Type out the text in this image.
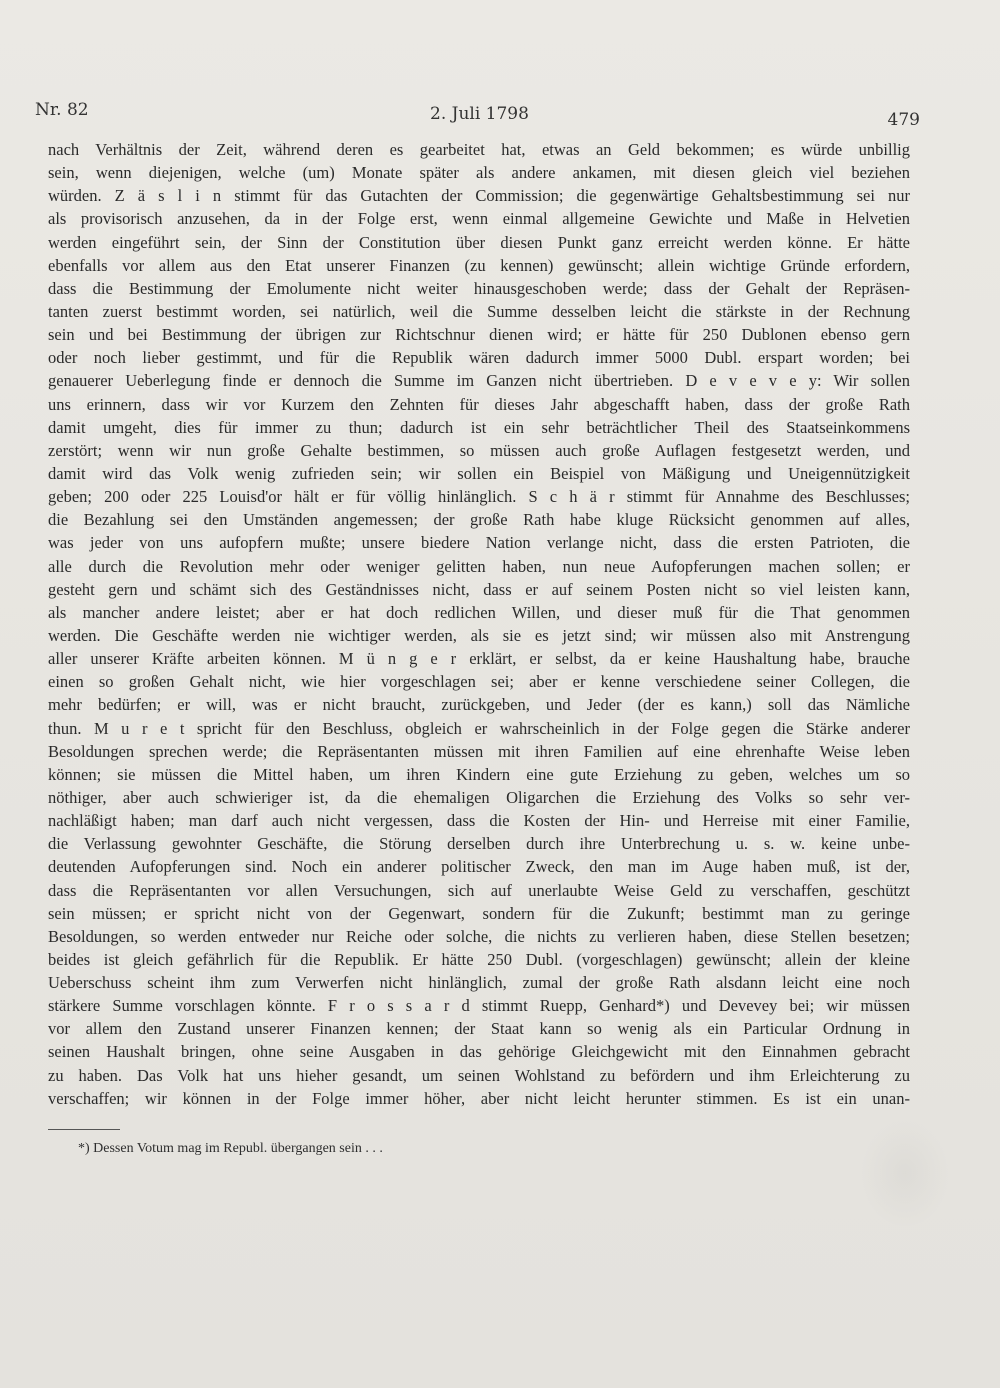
Nr. 82	2. Juli 1798	479
nach Verhältnis der Zeit, während deren es gearbeitet hat, etwas an Geld bekommen; es würde unbillig
sein, wenn diejenigen, welche (um) Monate später als andere ankamen, mit diesen gleich viel beziehen
würden. Z ä s l i n stimmt für das Gutachten der Commission; die gegenwärtige Gehaltsbestimmung sei nur
als provisorisch anzusehen, da in der Folge erst, wenn einmal allgemeine Gewichte und Maße in Helvetien
werden eingeführt sein, der Sinn der Constitution über diesen Punkt ganz erreicht werden könne. Er hätte
ebenfalls vor allem aus den Etat unserer Finanzen (zu kennen) gewünscht; allein wichtige Gründe erfordern,
dass die Bestimmung der Emolumente nicht weiter hinausgeschoben werde; dass der Gehalt der Repräsen-
tanten zuerst bestimmt worden, sei natürlich, weil die Summe desselben leicht die stärkste in der Rechnung
sein und bei Bestimmung der übrigen zur Richtschnur dienen wird; er hätte für 250 Dublonen ebenso gern
oder noch lieber gestimmt, und für die Republik wären dadurch immer 5000 Dubl. erspart worden; bei
genauerer Ueberlegung finde er dennoch die Summe im Ganzen nicht übertrieben. D e v e v e y: Wir sollen
uns erinnern, dass wir vor Kurzem den Zehnten für dieses Jahr abgeschafft haben, dass der große Rath
damit umgeht, dies für immer zu thun; dadurch ist ein sehr beträchtlicher Theil des Staatseinkommens
zerstört; wenn wir nun große Gehalte bestimmen, so müssen auch große Auflagen festgesetzt werden, und
damit wird das Volk wenig zufrieden sein; wir sollen ein Beispiel von Mäßigung und Uneigennützigkeit
geben; 200 oder 225 Louisd'or hält er für völlig hinlänglich. S c h ä r stimmt für Annahme des Beschlusses;
die Bezahlung sei den Umständen angemessen; der große Rath habe kluge Rücksicht genommen auf alles,
was jeder von uns aufopfern mußte; unsere biedere Nation verlange nicht, dass die ersten Patrioten, die
alle durch die Revolution mehr oder weniger gelitten haben, nun neue Aufopferungen machen sollen; er
gesteht gern und schämt sich des Geständnisses nicht, dass er auf seinem Posten nicht so viel leisten kann,
als mancher andere leistet; aber er hat doch redlichen Willen, und dieser muß für die That genommen
werden. Die Geschäfte werden nie wichtiger werden, als sie es jetzt sind; wir müssen also mit Anstrengung
aller unserer Kräfte arbeiten können. M ü n g e r erklärt, er selbst, da er keine Haushaltung habe, brauche
einen so großen Gehalt nicht, wie hier vorgeschlagen sei; aber er kenne verschiedene seiner Collegen, die
mehr bedürfen; er will, was er nicht braucht, zurückgeben, und Jeder (der es kann,) soll das Nämliche
thun. M u r e t spricht für den Beschluss, obgleich er wahrscheinlich in der Folge gegen die Stärke anderer
Besoldungen sprechen werde; die Repräsentanten müssen mit ihren Familien auf eine ehrenhafte Weise leben
können; sie müssen die Mittel haben, um ihren Kindern eine gute Erziehung zu geben, welches um so
nöthiger, aber auch schwieriger ist, da die ehemaligen Oligarchen die Erziehung des Volks so sehr ver-
nachläßigt haben; man darf auch nicht vergessen, dass die Kosten der Hin- und Herreise mit einer Familie,
die Verlassung gewohnter Geschäfte, die Störung derselben durch ihre Unterbrechung u. s. w. keine unbe-
deutenden Aufopferungen sind. Noch ein anderer politischer Zweck, den man im Auge haben muß, ist der,
dass die Repräsentanten vor allen Versuchungen, sich auf unerlaubte Weise Geld zu verschaffen, geschützt
sein müssen; er spricht nicht von der Gegenwart, sondern für die Zukunft; bestimmt man zu geringe
Besoldungen, so werden entweder nur Reiche oder solche, die nichts zu verlieren haben, diese Stellen besetzen;
beides ist gleich gefährlich für die Republik. Er hätte 250 Dubl. (vorgeschlagen) gewünscht; allein der kleine
Ueberschuss scheint ihm zum Verwerfen nicht hinlänglich, zumal der große Rath alsdann leicht eine noch
stärkere Summe vorschlagen könnte. F r o s s a r d stimmt Ruepp, Genhard*) und Devevey bei; wir müssen
vor allem den Zustand unserer Finanzen kennen; der Staat kann so wenig als ein Particular Ordnung in
seinen Haushalt bringen, ohne seine Ausgaben in das gehörige Gleichgewicht mit den Einnahmen gebracht
zu haben. Das Volk hat uns hieher gesandt, um seinen Wohlstand zu befördern und ihm Erleichterung zu
verschaffen; wir können in der Folge immer höher, aber nicht leicht herunter stimmen. Es ist ein unan-
*) Dessen Votum mag im Republ. übergangen sein . . .
